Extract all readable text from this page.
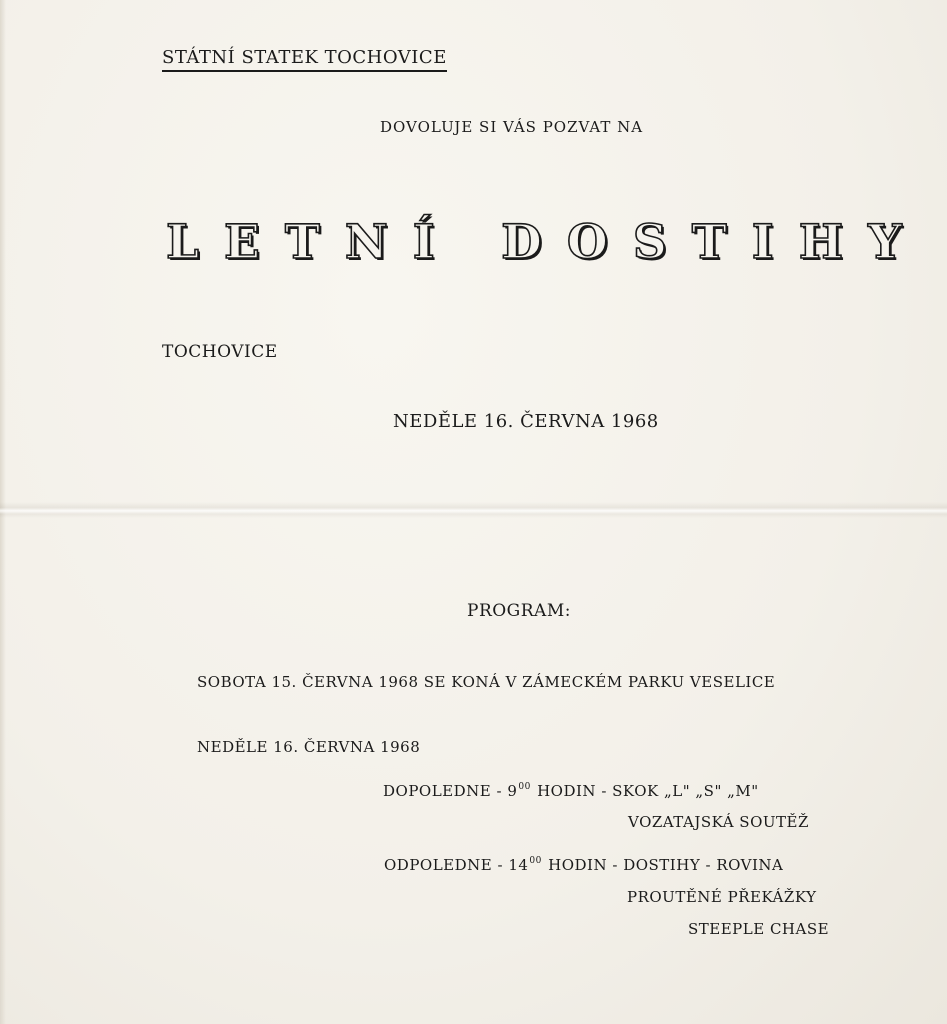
STÁTNÍ STATEK TOCHOVICE
DOVOLUJE SI VÁS POZVAT NA
LETNÍ DOSTIHY
TOCHOVICE
NEDĚLE 16. ČERVNA 1968
PROGRAM:
SOBOTA 15. ČERVNA 1968 SE KONÁ V ZÁMECKÉM PARKU VESELICE
NEDĚLE 16. ČERVNA 1968
DOPOLEDNE - $9^{00}$ HODIN - SKOK „L" „S" „M"
VOZATAJSKÁ SOUTĚŽ
ODPOLEDNE - $14^{00}$ HODIN - DOSTIHY - ROVINA
PROUTĚNÉ PŘEKÁŽKY
STEEPLE CHASE
